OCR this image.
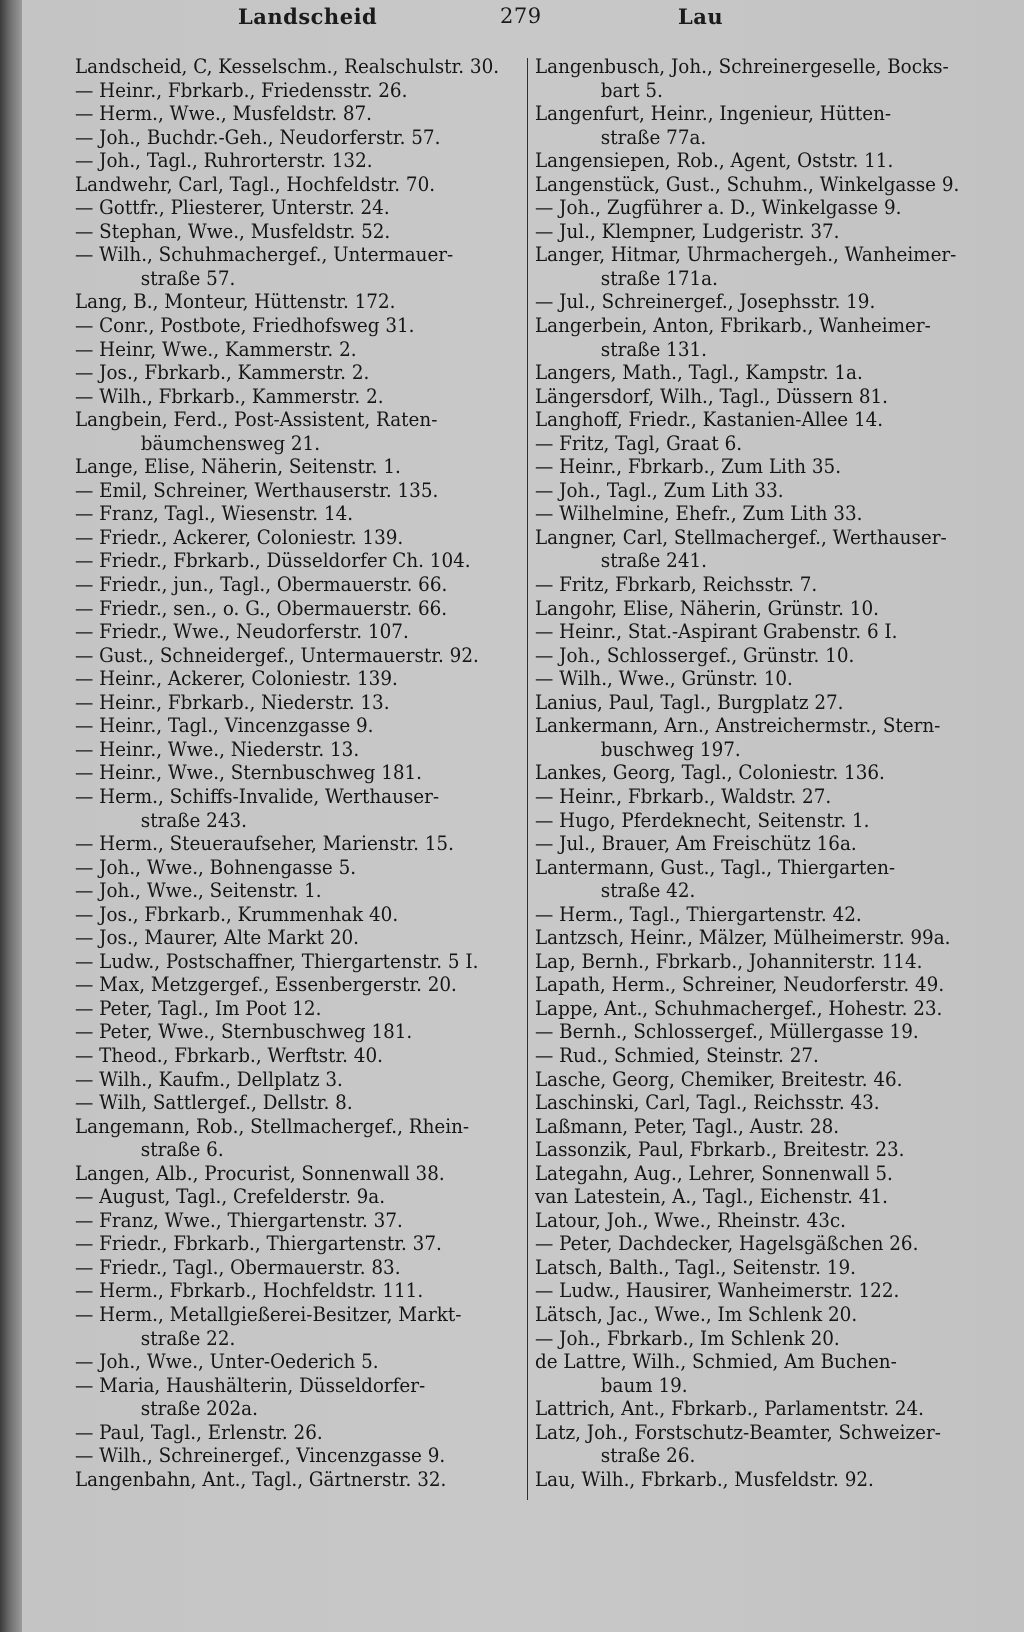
Landscheid	279	Lau
Landscheid, C, Kesselschm., Realschulstr. 30.
— Heinr., Fbrkarb., Friedensstr. 26.
— Herm., Wwe., Musfeldstr. 87.
— Joh., Buchdr.-Geh., Neudorferstr. 57.
— Joh., Tagl., Ruhrorterstr. 132.
Landwehr, Carl, Tagl., Hochfeldstr. 70.
— Gottfr., Pliesterer, Unterstr. 24.
— Stephan, Wwe., Musfeldstr. 52.
— Wilh., Schuhmachergef., Untermauer-
straße 57.
Lang, B., Monteur, Hüttenstr. 172.
— Conr., Postbote, Friedhofsweg 31.
— Heinr, Wwe., Kammerstr. 2.
— Jos., Fbrkarb., Kammerstr. 2.
— Wilh., Fbrkarb., Kammerstr. 2.
Langbein, Ferd., Post-Assistent, Raten-
bäumchensweg 21.
Lange, Elise, Näherin, Seitenstr. 1.
— Emil, Schreiner, Werthauserstr. 135.
— Franz, Tagl., Wiesenstr. 14.
— Friedr., Ackerer, Coloniestr. 139.
— Friedr., Fbrkarb., Düsseldorfer Ch. 104.
— Friedr., jun., Tagl., Obermauerstr. 66.
— Friedr., sen., o. G., Obermauerstr. 66.
— Friedr., Wwe., Neudorferstr. 107.
— Gust., Schneidergef., Untermauerstr. 92.
— Heinr., Ackerer, Coloniestr. 139.
— Heinr., Fbrkarb., Niederstr. 13.
— Heinr., Tagl., Vincenzgasse 9.
— Heinr., Wwe., Niederstr. 13.
— Heinr., Wwe., Sternbuschweg 181.
— Herm., Schiffs-Invalide, Werthauser-
straße 243.
— Herm., Steueraufseher, Marienstr. 15.
— Joh., Wwe., Bohnengasse 5.
— Joh., Wwe., Seitenstr. 1.
— Jos., Fbrkarb., Krummenhak 40.
— Jos., Maurer, Alte Markt 20.
— Ludw., Postschaffner, Thiergartenstr. 5 I.
— Max, Metzgergef., Essenbergerstr. 20.
— Peter, Tagl., Im Poot 12.
— Peter, Wwe., Sternbuschweg 181.
— Theod., Fbrkarb., Werftstr. 40.
— Wilh., Kaufm., Dellplatz 3.
— Wilh, Sattlergef., Dellstr. 8.
Langemann, Rob., Stellmachergef., Rhein-
straße 6.
Langen, Alb., Procurist, Sonnenwall 38.
— August, Tagl., Crefelderstr. 9a.
— Franz, Wwe., Thiergartenstr. 37.
— Friedr., Fbrkarb., Thiergartenstr. 37.
— Friedr., Tagl., Obermauerstr. 83.
— Herm., Fbrkarb., Hochfeldstr. 111.
— Herm., Metallgießerei-Besitzer, Markt-
straße 22.
— Joh., Wwe., Unter-Oederich 5.
— Maria, Haushälterin, Düsseldorfer-
straße 202a.
— Paul, Tagl., Erlenstr. 26.
— Wilh., Schreinergef., Vincenzgasse 9.
Langenbahn, Ant., Tagl., Gärtnerstr. 32.
Langenbusch, Joh., Schreinergeselle, Bocks-
bart 5.
Langenfurt, Heinr., Ingenieur, Hütten-
straße 77a.
Langensiepen, Rob., Agent, Oststr. 11.
Langenstück, Gust., Schuhm., Winkelgasse 9.
— Joh., Zugführer a. D., Winkelgasse 9.
— Jul., Klempner, Ludgeristr. 37.
Langer, Hitmar, Uhrmachergeh., Wanheimer-
straße 171a.
— Jul., Schreinergef., Josephsstr. 19.
Langerbein, Anton, Fbrikarb., Wanheimer-
straße 131.
Langers, Math., Tagl., Kampstr. 1a.
Längersdorf, Wilh., Tagl., Düssern 81.
Langhoff, Friedr., Kastanien-Allee 14.
— Fritz, Tagl, Graat 6.
— Heinr., Fbrkarb., Zum Lith 35.
— Joh., Tagl., Zum Lith 33.
— Wilhelmine, Ehefr., Zum Lith 33.
Langner, Carl, Stellmachergef., Werthauser-
straße 241.
— Fritz, Fbrkarb, Reichsstr. 7.
Langohr, Elise, Näherin, Grünstr. 10.
— Heinr., Stat.-Aspirant Grabenstr. 6 I.
— Joh., Schlossergef., Grünstr. 10.
— Wilh., Wwe., Grünstr. 10.
Lanius, Paul, Tagl., Burgplatz 27.
Lankermann, Arn., Anstreichermstr., Stern-
buschweg 197.
Lankes, Georg, Tagl., Coloniestr. 136.
— Heinr., Fbrkarb., Waldstr. 27.
— Hugo, Pferdeknecht, Seitenstr. 1.
— Jul., Brauer, Am Freischütz 16a.
Lantermann, Gust., Tagl., Thiergarten-
straße 42.
— Herm., Tagl., Thiergartenstr. 42.
Lantzsch, Heinr., Mälzer, Mülheimerstr. 99a.
Lap, Bernh., Fbrkarb., Johanniterstr. 114.
Lapath, Herm., Schreiner, Neudorferstr. 49.
Lappe, Ant., Schuhmachergef., Hohestr. 23.
— Bernh., Schlossergef., Müllergasse 19.
— Rud., Schmied, Steinstr. 27.
Lasche, Georg, Chemiker, Breitestr. 46.
Laschinski, Carl, Tagl., Reichsstr. 43.
Laßmann, Peter, Tagl., Austr. 28.
Lassonzik, Paul, Fbrkarb., Breitestr. 23.
Lategahn, Aug., Lehrer, Sonnenwall 5.
van Latestein, A., Tagl., Eichenstr. 41.
Latour, Joh., Wwe., Rheinstr. 43c.
— Peter, Dachdecker, Hagelsgäßchen 26.
Latsch, Balth., Tagl., Seitenstr. 19.
— Ludw., Hausirer, Wanheimerstr. 122.
Lätsch, Jac., Wwe., Im Schlenk 20.
— Joh., Fbrkarb., Im Schlenk 20.
de Lattre, Wilh., Schmied, Am Buchen-
baum 19.
Lattrich, Ant., Fbrkarb., Parlamentstr. 24.
Latz, Joh., Forstschutz-Beamter, Schweizer-
straße 26.
Lau, Wilh., Fbrkarb., Musfeldstr. 92.
